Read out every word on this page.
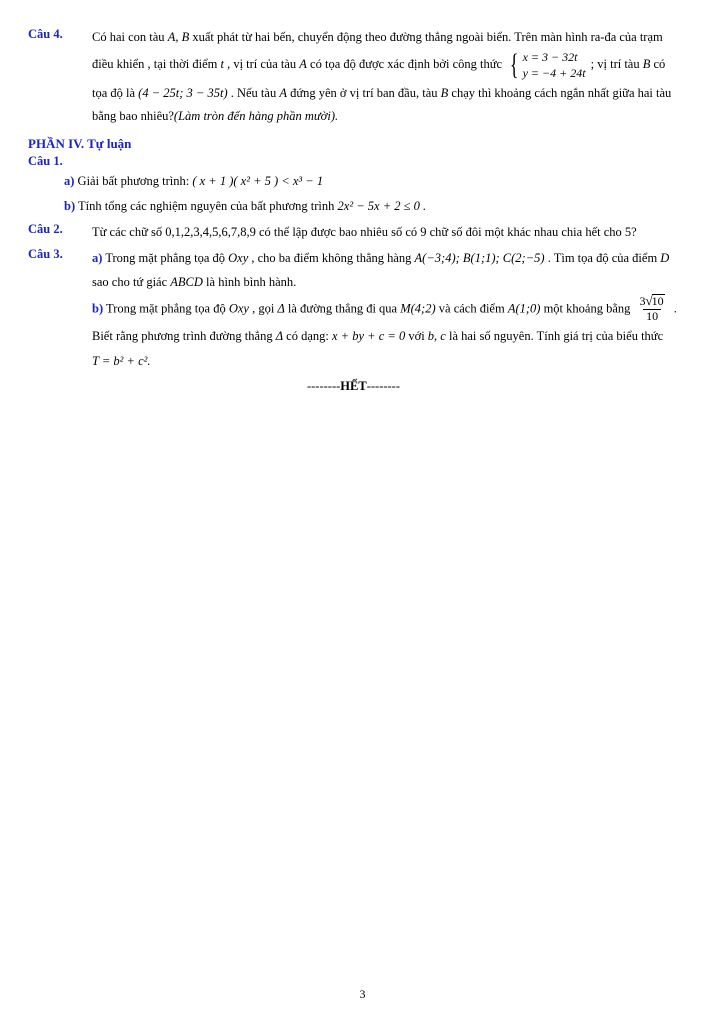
Câu 4.	Có hai con tàu A, B xuất phát từ hai bến, chuyển động theo đường thẳng ngoài biển. Trên màn hình ra-đa của trạm điều khiển , tại thời điểm t , vị trí của tàu A có tọa độ được xác định bởi công thức { x = 3 − 32t
y = −4 + 24t
; vị trí tàu B có tọa độ là (4 − 25t; 3 − 35t) . Nếu tàu A đứng yên ở vị trí ban đầu, tàu B chạy thì khoảng cách ngắn nhất giữa hai tàu bằng bao nhiêu?(Làm tròn đến hàng phần mười).
PHẦN IV. Tự luận
Câu 1.
a) Giải bất phương trình: ( x + 1 )( x² + 5 ) < x³ − 1
b) Tính tổng các nghiệm nguyên của bất phương trình 2x² − 5x + 2 ≤ 0 .
Câu 2.	Từ các chữ số 0,1,2,3,4,5,6,7,8,9 có thể lập được bao nhiêu số có 9 chữ số đôi một khác nhau chia hết cho 5?
Câu 3.	a) Trong mặt phẳng tọa độ Oxy , cho ba điểm không thẳng hàng A(−3;4); B(1;1); C(2;−5) . Tìm tọa độ của điểm D sao cho tứ giác ABCD là hình bình hành.
b) Trong mặt phẳng tọa độ Oxy , gọi Δ là đường thẳng đi qua M(4;2) và cách điểm A(1;0) một khoảng bằng $\frac{3√10}{10}$ . Biết rằng phương trình đường thẳng Δ có dạng: x + by + c = 0 với b, c là hai số nguyên. Tính giá trị của biểu thức T = b² + c².
--------HẾT--------
3
